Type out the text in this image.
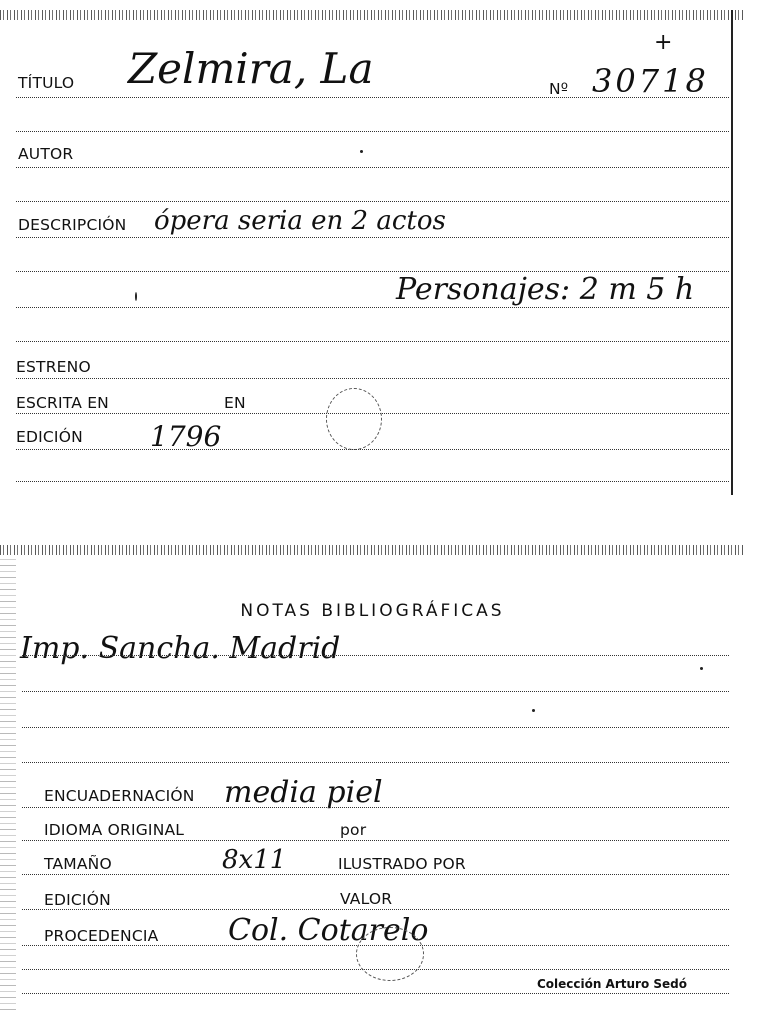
+
TÍTULO Zelmira, La	Nº 30718
AUTOR
DESCRIPCIÓN ópera seria en 2 actos
Personajes: 2 m 5 h
ESTRENO
ESCRITA EN	EN
EDICIÓN 1796
NOTAS BIBLIOGRÁFICAS
Imp. Sancha. Madrid
ENCUADERNACIÓN media piel
IDIOMA ORIGINAL	por
TAMAÑO	8x11	ILUSTRADO POR
EDICIÓN	VALOR
PROCEDENCIA Col. Cotarelo
Colección Arturo Sedó
